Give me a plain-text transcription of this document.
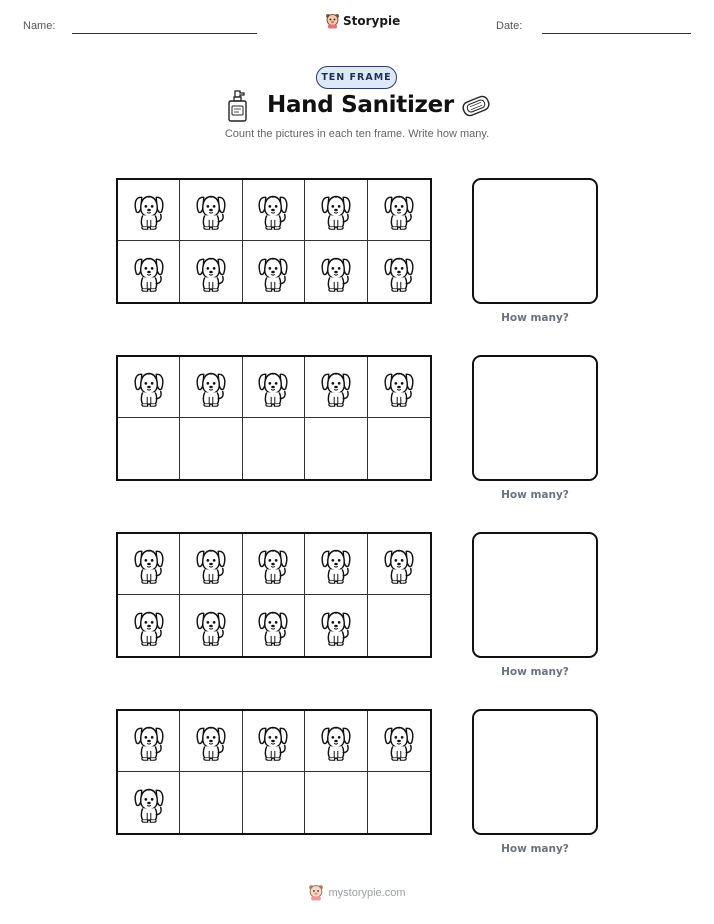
Name:	Storypie	Date:
TEN FRAME
Hand Sanitizer
Count the pictures in each ten frame. Write how many.
How many?
How many?
How many?
How many?
mystorypie.com
